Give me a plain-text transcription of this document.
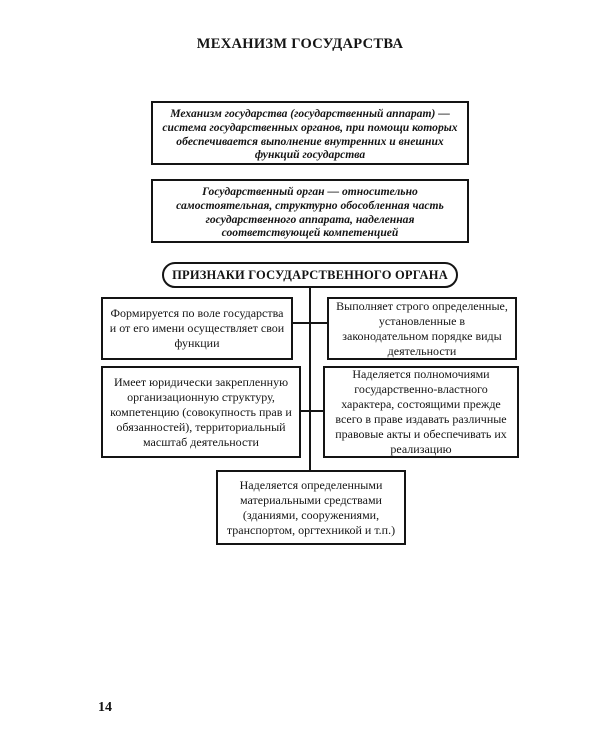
МЕХАНИЗМ ГОСУДАРСТВА
Механизм государства (государственный аппарат) — система государственных органов, при помощи которых обеспечивается выполнение внутренних и внешних функций государства
Государственный орган — относительно самостоятельная, структурно обособленная часть государственного аппарата, наделенная соответствующей компетенцией
ПРИЗНАКИ ГОСУДАРСТВЕННОГО ОРГАНА
Формируется по воле государства и от его имени осуществляет свои функции
Выполняет строго определенные, установленные в законодательном порядке виды деятельности
Имеет юридически закрепленную организационную структуру, компетенцию (совокупность прав и обязанностей), территориальный масштаб деятельности
Наделяется полномочиями государственно-властного характера, состоящими прежде всего в праве издавать различные правовые акты и обеспечивать их реализацию
Наделяется определенными материальными средствами (зданиями, сооружениями, транспортом, оргтехникой и т.п.)
14
